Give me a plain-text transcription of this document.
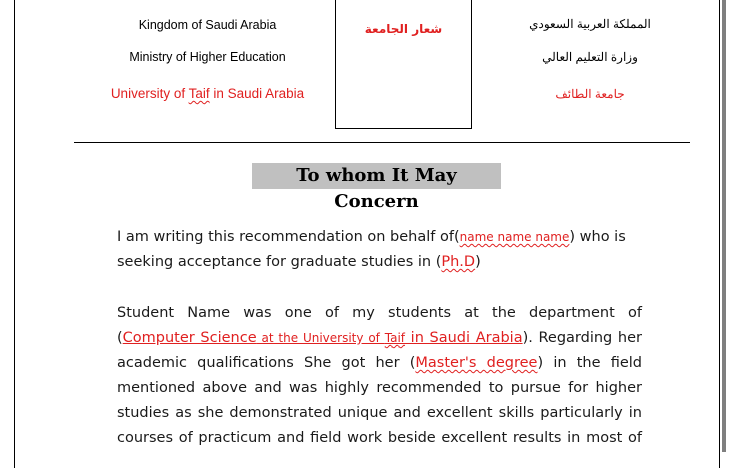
Kingdom of Saudi Arabia
Ministry of Higher Education
University of Taif in Saudi Arabia
شعار الجامعة	المملكة العربية السعودي
وزارة التعليم العالي
جامعة الطائف
To whom It May Concern
I am writing this recommendation on behalf of(name name name) who is
seeking acceptance for graduate studies in (Ph.D)
Student Name was one of my students at the department of
(Computer Science at the University of Taif in Saudi Arabia). Regarding her
academic qualifications She got her (Master's degree) in the field
mentioned above and was highly recommended to pursue for higher
studies as she demonstrated unique and excellent skills particularly in
courses of practicum and field work beside excellent results in most of
